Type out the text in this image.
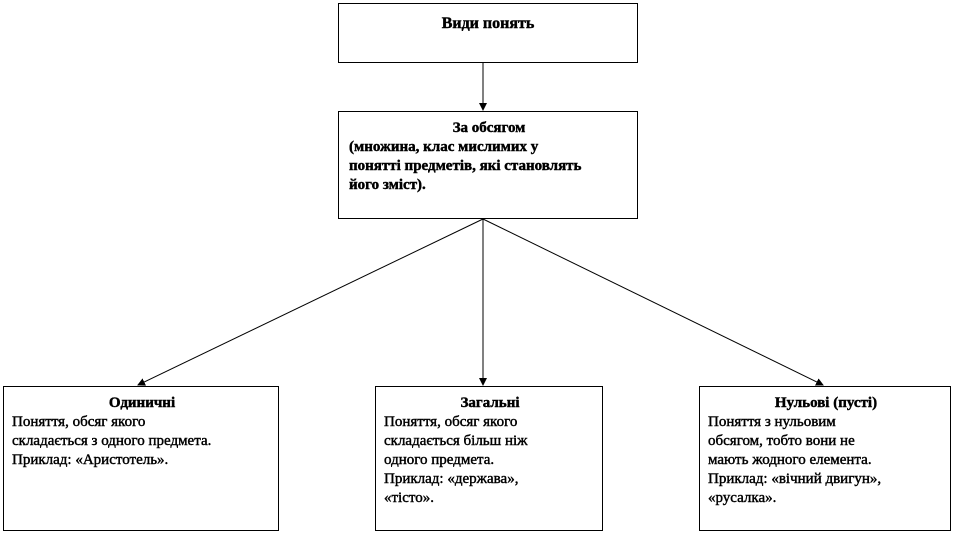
Види понять
За обсягом
(множина, клас мислимих у
понятті предметів, які становлять
його зміст).
Одиничні
Поняття, обсяг якого
складається з одного предмета.
Приклад: «Аристотель».
Загальні
Поняття, обсяг якого
складається більш ніж
одного предмета.
Приклад: «держава»,
«тісто».
Нульові (пусті)
Поняття з нульовим
обсягом, тобто вони не
мають жодного елемента.
Приклад: «вічний двигун»,
«русалка».
